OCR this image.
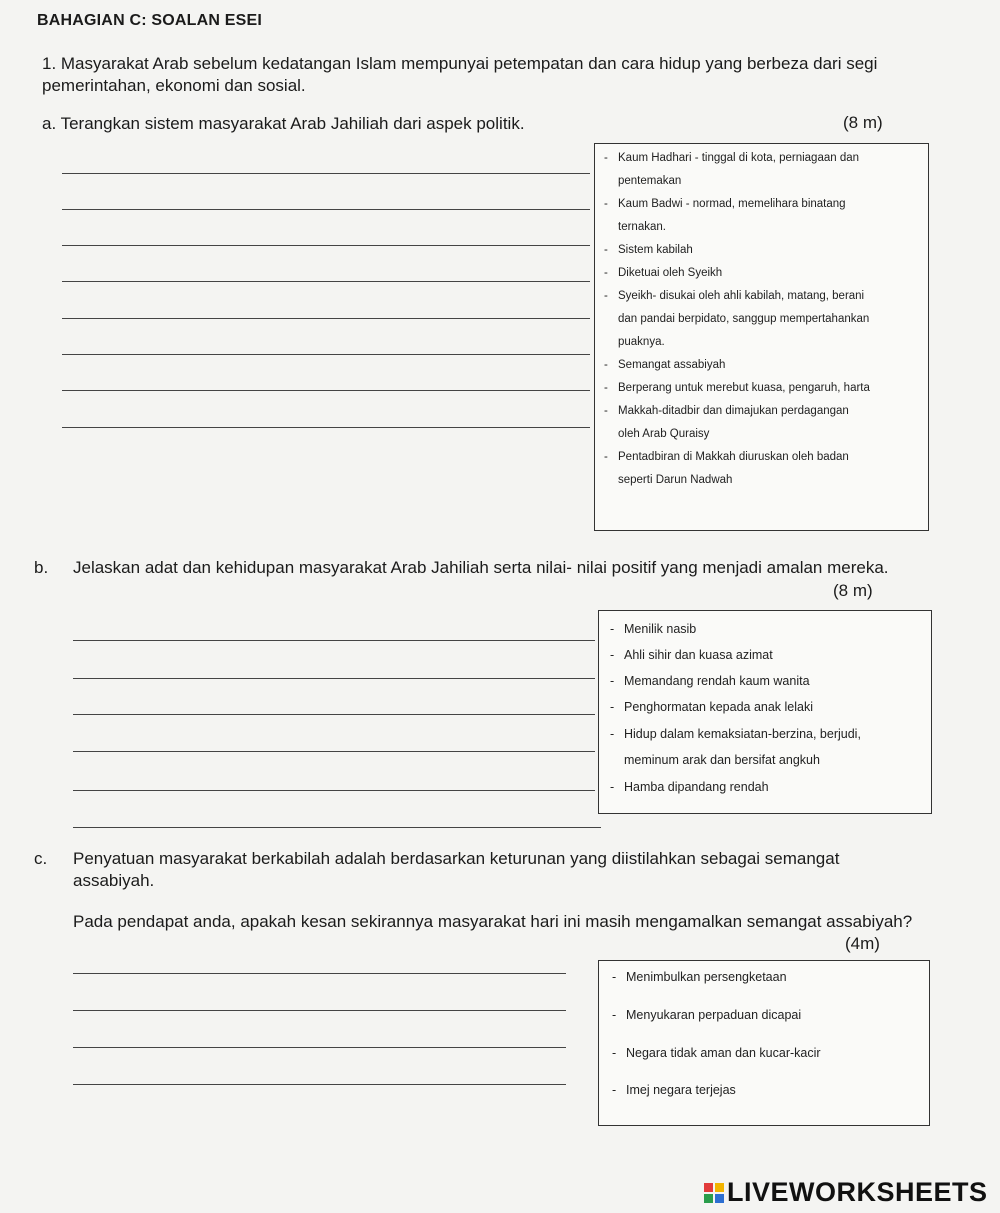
BAHAGIAN C: SOALAN ESEI
1. Masyarakat Arab sebelum kedatangan Islam mempunyai petempatan dan cara hidup yang berbeza dari segi pemerintahan, ekonomi dan sosial.
a. Terangkan sistem masyarakat Arab Jahiliah dari aspek politik.	(8 m)
- Kaum Hadhari - tinggal di kota, perniagaan dan
pentemakan
- Kaum Badwi - normad, memelihara binatang
ternakan.
- Sistem kabilah
- Diketuai oleh Syeikh
- Syeikh- disukai oleh ahli kabilah, matang, berani
dan pandai berpidato, sanggup mempertahankan
puaknya.
- Semangat assabiyah
- Berperang untuk merebut kuasa, pengaruh, harta
- Makkah-ditadbir dan dimajukan perdagangan
oleh Arab Quraisy
- Pentadbiran di Makkah diuruskan oleh badan
seperti Darun Nadwah
b. Jelaskan adat dan kehidupan masyarakat Arab Jahiliah serta nilai- nilai positif yang menjadi amalan mereka.
(8 m)
- Menilik nasib
- Ahli sihir dan kuasa azimat
- Memandang rendah kaum wanita
- Penghormatan kepada anak lelaki
- Hidup dalam kemaksiatan-berzina, berjudi,
meminum arak dan bersifat angkuh
- Hamba dipandang rendah
c. Penyatuan masyarakat berkabilah adalah berdasarkan keturunan yang diistilahkan sebagai semangat assabiyah.
Pada pendapat anda, apakah kesan sekirannya masyarakat hari ini masih mengamalkan semangat assabiyah?
(4m)
- Menimbulkan persengketaan
- Menyukaran perpaduan dicapai
- Negara tidak aman dan kucar-kacir
- Imej negara terjejas
LIVEWORKSHEETS
